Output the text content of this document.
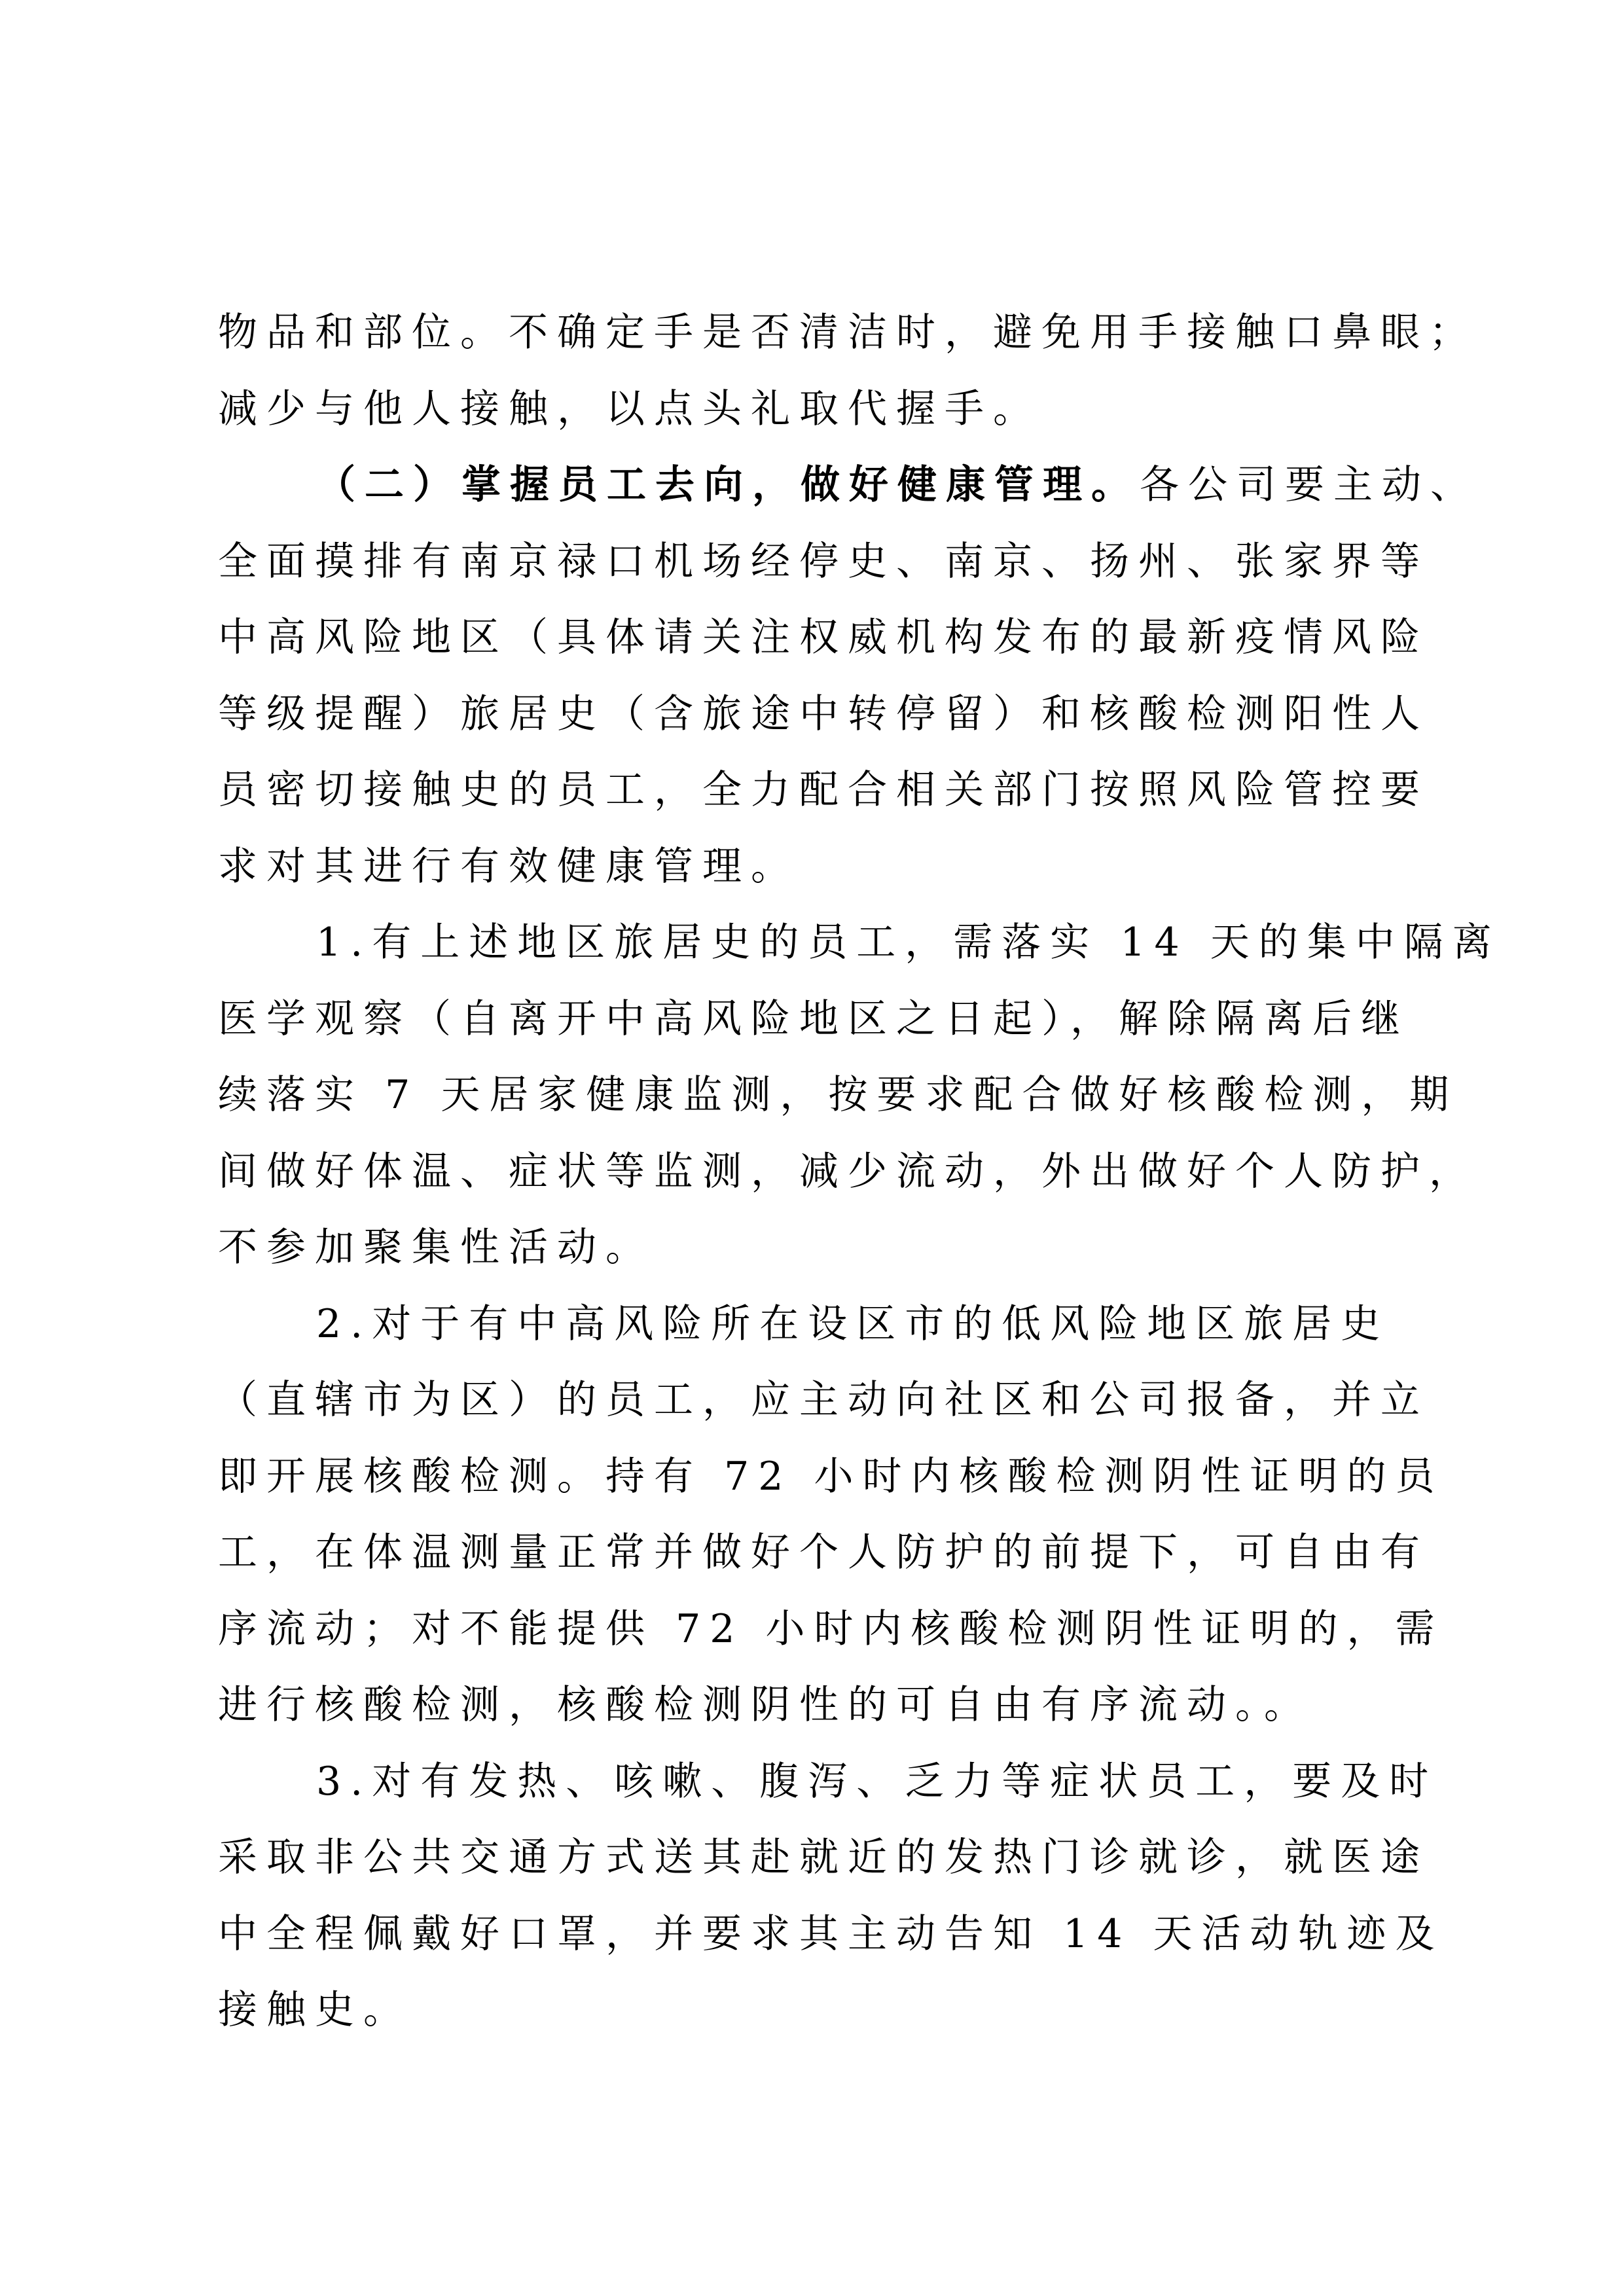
物品和部位。不确定手是否清洁时，避免用手接触口鼻眼；
减少与他人接触，以点头礼取代握手。
（二）掌握员工去向，做好健康管理。各公司要主动、
全面摸排有南京禄口机场经停史、南京、扬州、张家界等
中高风险地区（具体请关注权威机构发布的最新疫情风险
等级提醒）旅居史（含旅途中转停留）和核酸检测阳性人
员密切接触史的员工，全力配合相关部门按照风险管控要
求对其进行有效健康管理。
1.有上述地区旅居史的员工，需落实 14 天的集中隔离
医学观察（自离开中高风险地区之日起），解除隔离后继
续落实 7 天居家健康监测，按要求配合做好核酸检测，期
间做好体温、症状等监测，减少流动，外出做好个人防护，
不参加聚集性活动。
2.对于有中高风险所在设区市的低风险地区旅居史
（直辖市为区）的员工，应主动向社区和公司报备，并立
即开展核酸检测。持有 72 小时内核酸检测阴性证明的员
工，在体温测量正常并做好个人防护的前提下，可自由有
序流动；对不能提供 72 小时内核酸检测阴性证明的，需
进行核酸检测，核酸检测阴性的可自由有序流动。。
3.对有发热、咳嗽、腹泻、乏力等症状员工，要及时
采取非公共交通方式送其赴就近的发热门诊就诊，就医途
中全程佩戴好口罩，并要求其主动告知 14 天活动轨迹及
接触史。
